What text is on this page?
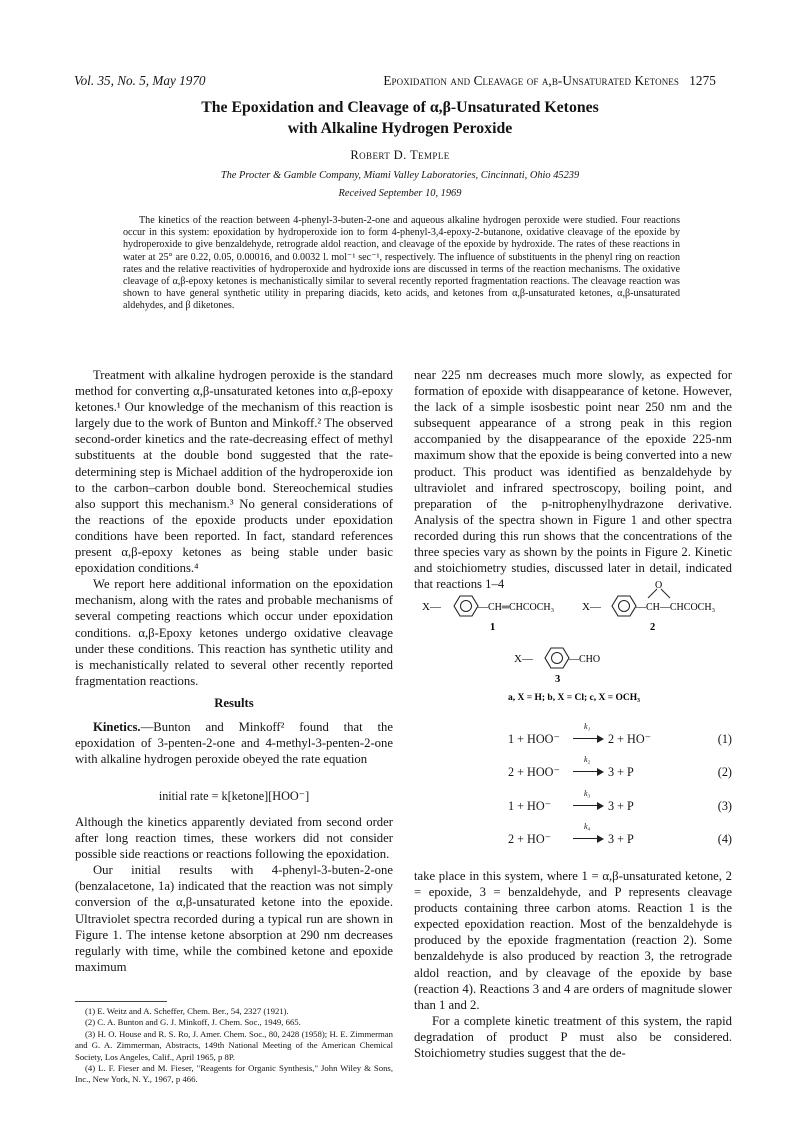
Vol. 35, No. 5, May 1970	Epoxidation and Cleavage of α,β-Unsaturated Ketones 1275
The Epoxidation and Cleavage of α,β-Unsaturated Ketones
with Alkaline Hydrogen Peroxide
Robert D. Temple
The Procter & Gamble Company, Miami Valley Laboratories, Cincinnati, Ohio 45239
Received September 10, 1969

The kinetics of the reaction between 4-phenyl-3-buten-2-one and aqueous alkaline hydrogen peroxide were studied. Four reactions occur in this system: epoxidation by hydroperoxide ion to form 4-phenyl-3,4-epoxy-2-butanone, oxidative cleavage of the epoxide by hydroperoxide to give benzaldehyde, retrograde aldol reaction, and cleavage of the epoxide by hydroxide. The rates of these reactions in water at 25° are 0.22, 0.05, 0.00016, and 0.0032 l. mol⁻¹ sec⁻¹, respectively. The influence of substituents in the phenyl ring on reaction rates and the relative reactivities of hydroperoxide and hydroxide ions are discussed in terms of the reaction mechanisms. The oxidative cleavage of α,β-epoxy ketones is mechanistically similar to several recently reported fragmentation reactions. The cleavage reaction was shown to have general synthetic utility in preparing diacids, keto acids, and ketones from α,β-unsaturated ketones, α,β-unsaturated aldehydes, and β diketones.

Treatment with alkaline hydrogen peroxide is the standard method for converting α,β-unsaturated ketones into α,β-epoxy ketones.¹ Our knowledge of the mechanism of this reaction is largely due to the work of Bunton and Minkoff.² The observed second-order kinetics and the rate-decreasing effect of methyl substituents at the double bond suggested that the rate-determining step is Michael addition of the hydroperoxide ion to the carbon–carbon double bond. Stereochemical studies also support this mechanism.³ No general considerations of the reactions of the epoxide products under epoxidation conditions have been reported. In fact, standard references present α,β-epoxy ketones as being stable under basic epoxidation conditions.⁴

We report here additional information on the epoxidation mechanism, along with the rates and probable mechanisms of several competing reactions which occur under epoxidation conditions. α,β-Epoxy ketones undergo oxidative cleavage under these conditions. This reaction has synthetic utility and is mechanistically related to several other recently reported fragmentation reactions.

Results

Kinetics.—Bunton and Minkoff² found that the epoxidation of 3-penten-2-one and 4-methyl-3-penten-2-one with alkaline hydrogen peroxide obeyed the rate equation

initial rate = k[ketone][HOO⁻]

Although the kinetics apparently deviated from second order after long reaction times, these workers did not consider possible side reactions or reactions following the epoxidation.

Our initial results with 4-phenyl-3-buten-2-one (benzalacetone, 1a) indicated that the reaction was not simply conversion of the α,β-unsaturated ketone into the epoxide. Ultraviolet spectra recorded during a typical run are shown in Figure 1. The intense ketone absorption at 290 nm decreases regularly with time, while the combined ketone and epoxide maximum

(1) E. Weitz and A. Scheffer, Chem. Ber., 54, 2327 (1921).

(2) C. A. Bunton and G. J. Minkoff, J. Chem. Soc., 1949, 665.

(3) H. O. House and R. S. Ro, J. Amer. Chem. Soc., 80, 2428 (1958); H. E. Zimmerman and G. A. Zimmerman, Abstracts, 149th National Meeting of the American Chemical Society, Los Angeles, Calif., April 1965, p 8P.

(4) L. F. Fieser and M. Fieser, "Reagents for Organic Synthesis," John Wiley & Sons, Inc., New York, N. Y., 1967, p 466.

near 225 nm decreases much more slowly, as expected for formation of epoxide with disappearance of ketone. However, the lack of a simple isosbestic point near 250 nm and the subsequent appearance of a strong peak in this region accompanied by the disappearance of the epoxide 225-nm maximum show that the epoxide is being converted into a new product. This product was identified as benzaldehyde by ultraviolet and infrared spectroscopy, boiling point, and preparation of the p-nitrophenylhydrazone derivative. Analysis of the spectra shown in Figure 1 and other spectra recorded during this run shows that the concentrations of the three species vary as shown by the points in Figure 2. Kinetic and stoichiometry studies, discussed later in detail, indicated that reactions 1–4

X—	—CH═CHCOCH₃
1
X—	—CH—CHCOCH₃
O
2
X—	—CHO
3
a, X = H; b, X = Cl; c, X = OCH₃
1 + HOO⁻
k₁
2 + HO⁻	(1)
2 + HOO⁻
k₂
3 + P	(2)
1 + HO⁻
k₃
3 + P	(3)
2 + HO⁻
k₄
3 + P	(4)

take place in this system, where 1 = α,β-unsaturated ketone, 2 = epoxide, 3 = benzaldehyde, and P represents cleavage products containing three carbon atoms. Reaction 1 is the expected epoxidation reaction. Most of the benzaldehyde is produced by the epoxide fragmentation (reaction 2). Some benzaldehyde is also produced by reaction 3, the retrograde aldol reaction, and by cleavage of the epoxide by base (reaction 4). Reactions 3 and 4 are orders of magnitude slower than 1 and 2.

For a complete kinetic treatment of this system, the rapid degradation of product P must also be considered. Stoichiometry studies suggest that the de-
